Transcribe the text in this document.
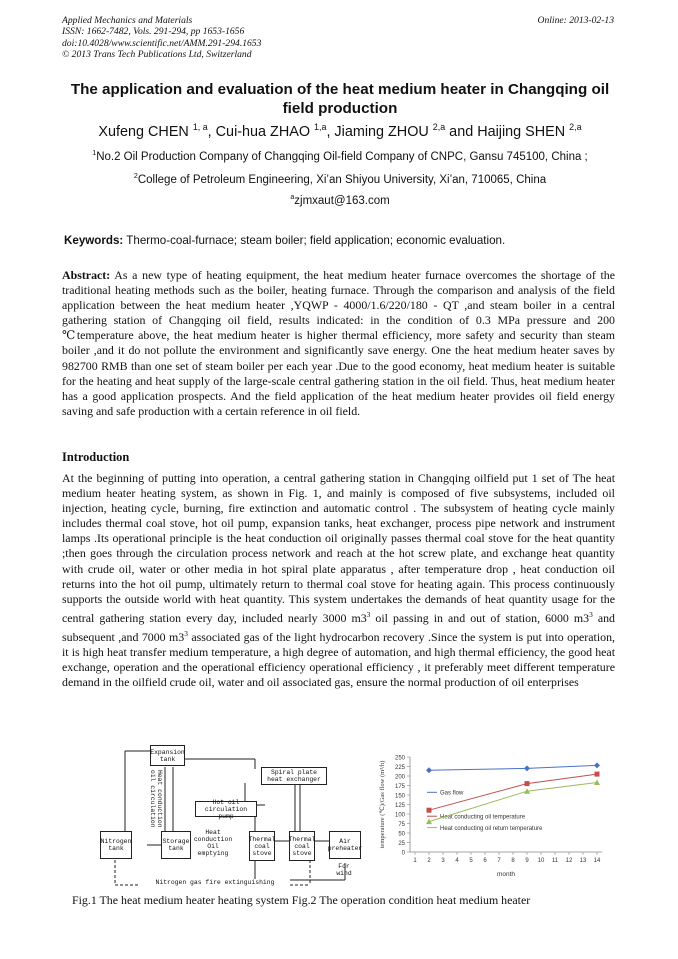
Applied Mechanics and Materials
ISSN: 1662-7482, Vols. 291-294, pp 1653-1656
doi:10.4028/www.scientific.net/AMM.291-294.1653
© 2013 Trans Tech Publications Ltd, Switzerland
Online: 2013-02-13
The application and evaluation of the heat medium heater in Changqing oil field production
Xufeng CHEN $^{1, a}$, Cui-hua ZHAO $^{1,a}$, Jiaming ZHOU $^{2,a}$ and Haijing SHEN $^{2,a}$
$^1$No.2 Oil Production Company of Changqing Oil-field Company of CNPC, Gansu 745100, China ;
$^2$College of Petroleum Engineering, Xi’an Shiyou University, Xi’an, 710065, China
$^a$zjmxaut@163.com
Keywords: Thermo-coal-furnace; steam boiler; field application; economic evaluation.
Abstract: As a new type of heating equipment, the heat medium heater furnace overcomes the shortage of the traditional heating methods such as the boiler, heating furnace. Through the comparison and analysis of the field application between the heat medium heater ,YQWP - 4000/1.6/220/180 - QT ,and steam boiler in a central gathering station of Changqing oil field, results indicated: in the condition of 0.3 MPa pressure and 200 ℃temperature above, the heat medium heater is higher thermal efficiency, more safety and security than steam boiler ,and it do not pollute the environment and significantly save energy. One the heat medium heater saves by 982700 RMB than one set of steam boiler per each year .Due to the good economy, heat medium heater is suitable for the heating and heat supply of the large-scale central gathering station in the oil field. Thus, heat medium heater has a good application prospects. And the field application of the heat medium heater provides oil field energy saving and safe production with a certain reference in oil field.
Introduction
At the beginning of putting into operation, a central gathering station in Changqing oilfield put 1 set of The heat medium heater heating system, as shown in Fig. 1, and mainly is composed of five subsystems, included oil injection, heating cycle, burning, fire extinction and automatic control . The subsystem of heating cycle mainly includes thermal coal stove, hot oil pump, expansion tanks, heat exchanger, process pipe network and instrument lamps .Its operational principle is the heat conduction oil originally passes thermal coal stove for the heat quantity ;then goes through the circulation process network and reach at the hot screw plate, and exchange heat quantity with crude oil, water or other media in hot spiral plate apparatus , after temperature drop , heat conduction oil returns into the hot oil pump, ultimately return to thermal coal stove for heating again. This process continuously supports the outside world with heat quantity. This system undertakes the demands of heat quantity usage for the central gathering station every day, included nearly 3000 $m3^3$ oil passing in and out of station, 6000 $m3^3$ and subsequent ,and 7000 $m3^3$ associated gas of the light hydrocarbon recovery .Since the system is put into operation, it is high heat transfer medium temperature, a high degree of automation, and high thermal efficiency, the good heat exchange, operation and the operational efficiency operational efficiency , it preferably meet different temperature demand in the oilfield crude oil, water and oil associated gas, ensure the normal production of oil enterprises
Expansion tank
Heat conduction oil circulation	Spiral plate heat exchanger
Hot oil circulation pump
Nitrogen tank
Storage tank
Heat conduction Oil emptying
Thermal coal stove
Thermal coal stove
Air preheater
For wind
Nitrogen gas fire extinguishing
0
25
50
75
100
125
150
175
200
225
250
1 2 3 4 5 6 7 8 9 10 11 12 13 14
month
temperature (℃)/Gas flow (m³/h)	Gas flow
Heat conducting oil temperature
Heat conducting oil return temperature
Fig.1 The heat medium heater heating system Fig.2 The operation condition heat medium heater
